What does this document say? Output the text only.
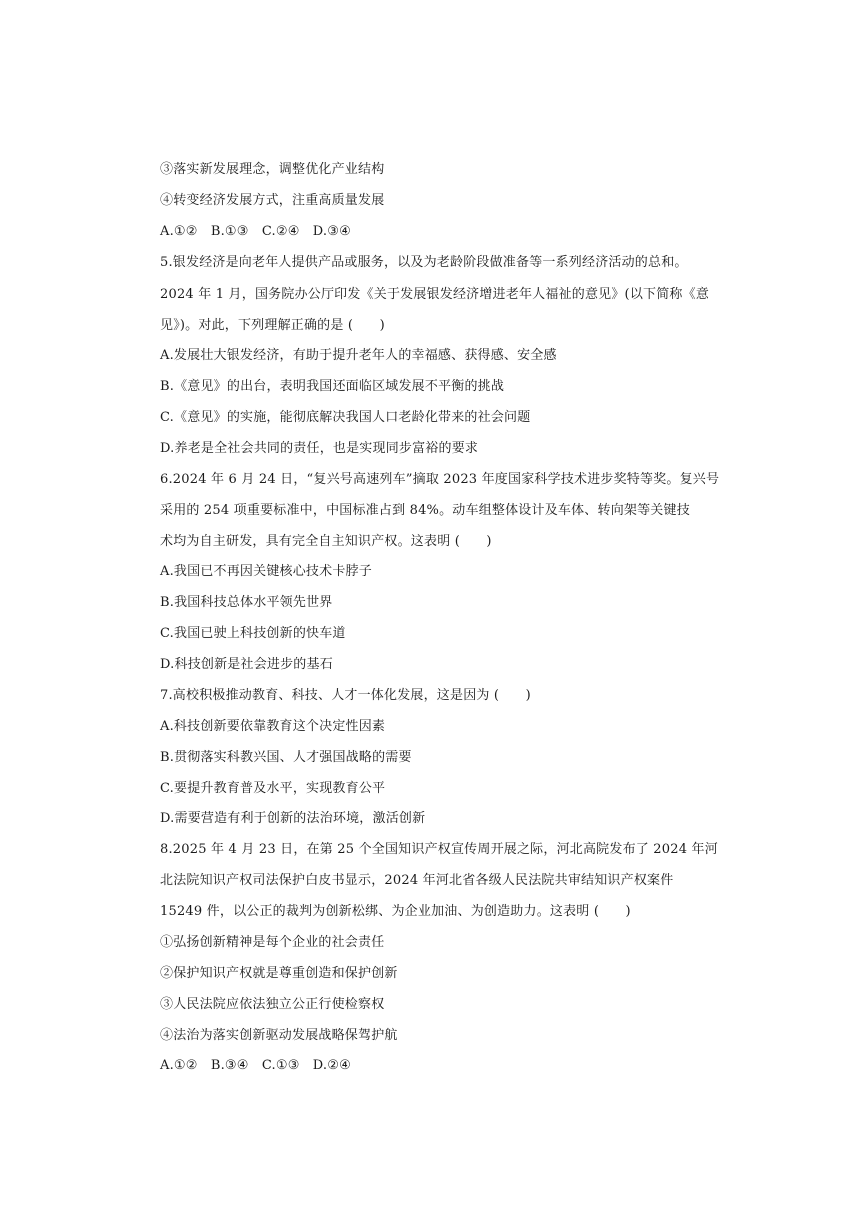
③落实新发展理念，调整优化产业结构
④转变经济发展方式，注重高质量发展
A.①②　B.①③　C.②④　D.③④
5.银发经济是向老年人提供产品或服务，以及为老龄阶段做准备等一系列经济活动的总和。
2024 年 1 月，国务院办公厅印发《关于发展银发经济增进老年人福祉的意见》(以下简称《意
见》)。对此，下列理解正确的是 (　　)
A.发展壮大银发经济，有助于提升老年人的幸福感、获得感、安全感
B.《意见》的出台，表明我国还面临区域发展不平衡的挑战
C.《意见》的实施，能彻底解决我国人口老龄化带来的社会问题
D.养老是全社会共同的责任，也是实现同步富裕的要求
6.2024 年 6 月 24 日，“复兴号高速列车”摘取 2023 年度国家科学技术进步奖特等奖。复兴号
采用的 254 项重要标准中，中国标准占到 84%。动车组整体设计及车体、转向架等关键技
术均为自主研发，具有完全自主知识产权。这表明 (　　)
A.我国已不再因关键核心技术卡脖子
B.我国科技总体水平领先世界
C.我国已驶上科技创新的快车道
D.科技创新是社会进步的基石
7.高校积极推动教育、科技、人才一体化发展，这是因为 (　　)
A.科技创新要依靠教育这个决定性因素
B.贯彻落实科教兴国、人才强国战略的需要
C.要提升教育普及水平，实现教育公平
D.需要营造有利于创新的法治环境，激活创新
8.2025 年 4 月 23 日，在第 25 个全国知识产权宣传周开展之际，河北高院发布了 2024 年河
北法院知识产权司法保护白皮书显示，2024 年河北省各级人民法院共审结知识产权案件
15249 件，以公正的裁判为创新松绑、为企业加油、为创造助力。这表明 (　　)
①弘扬创新精神是每个企业的社会责任
②保护知识产权就是尊重创造和保护创新
③人民法院应依法独立公正行使检察权
④法治为落实创新驱动发展战略保驾护航
A.①②　B.③④　C.①③　D.②④
